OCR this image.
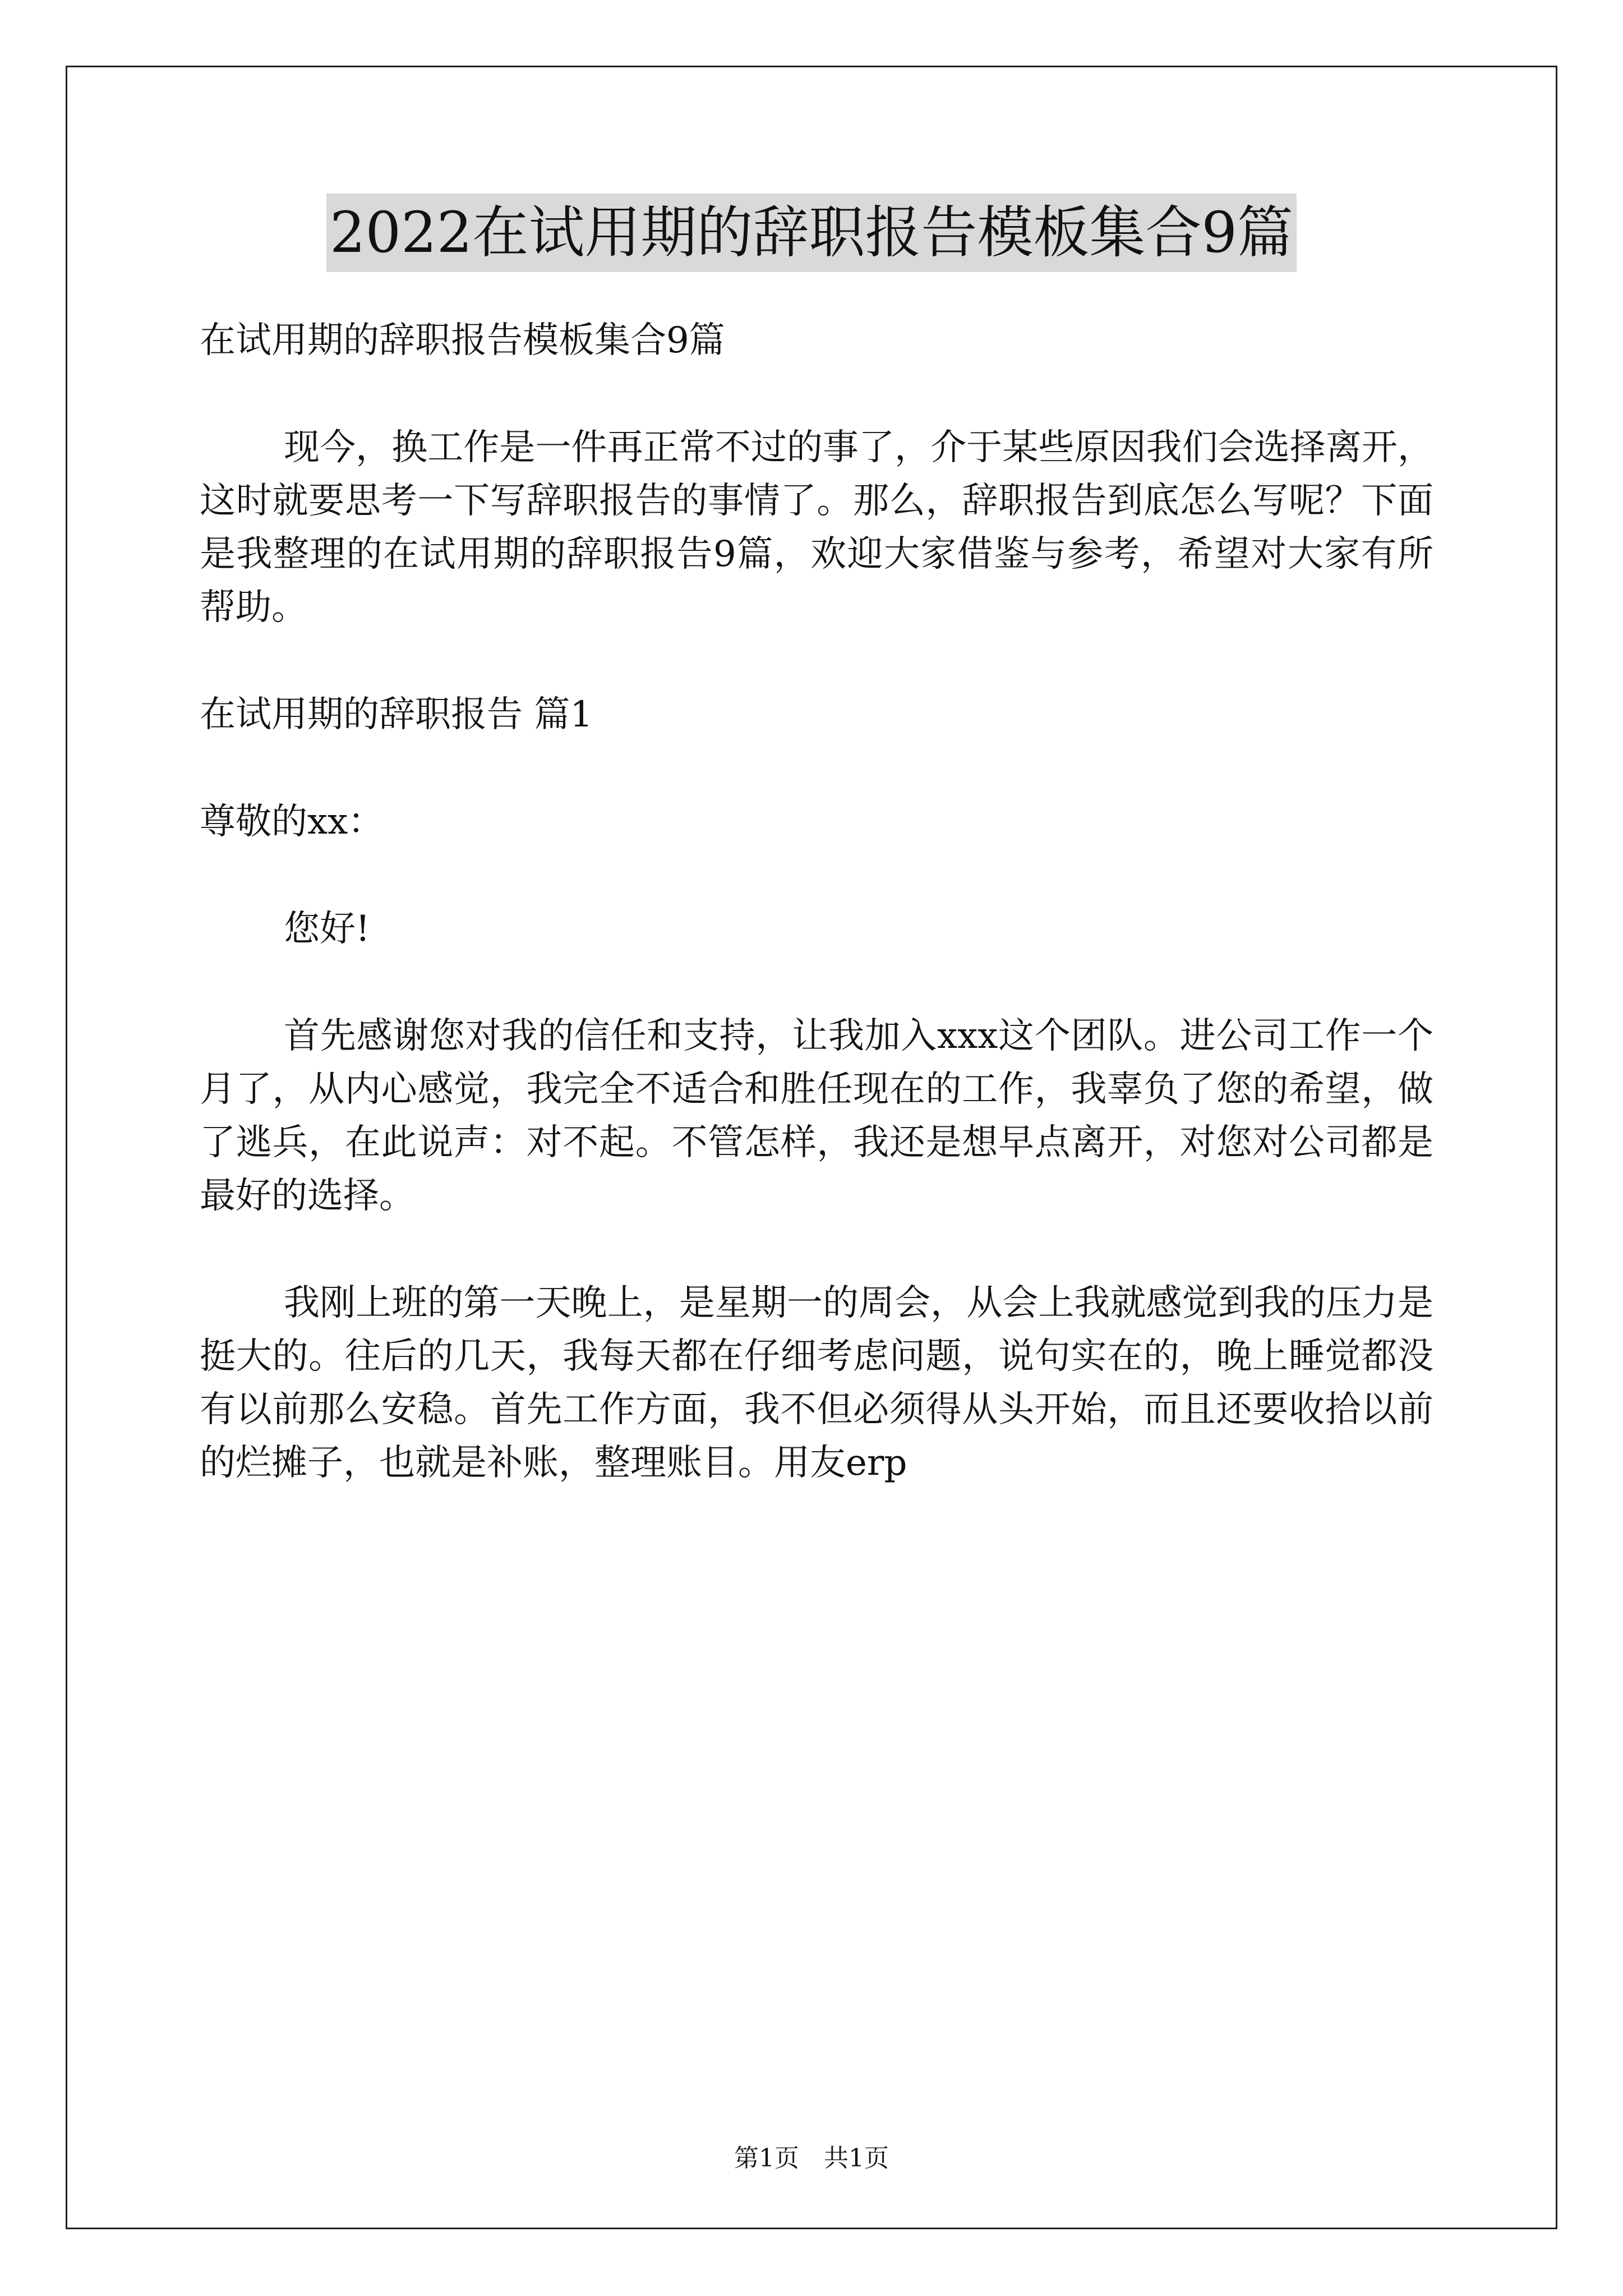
2022在试用期的辞职报告模板集合9篇

在试用期的辞职报告模板集合9篇

现今，换工作是一件再正常不过的事了，介于某些原因我们会选择离开，这时就要思考一下写辞职报告的事情了。那么，辞职报告到底怎么写呢？下面是我整理的在试用期的辞职报告9篇，欢迎大家借鉴与参考，希望对大家有所帮助。

在试用期的辞职报告 篇1

尊敬的xx：

您好!

首先感谢您对我的信任和支持，让我加入xxx这个团队。进公司工作一个月了，从内心感觉，我完全不适合和胜任现在的工作，我辜负了您的希望，做了逃兵，在此说声：对不起。不管怎样，我还是想早点离开，对您对公司都是最好的选择。

我刚上班的第一天晚上，是星期一的周会，从会上我就感觉到我的压力是挺大的。往后的几天，我每天都在仔细考虑问题，说句实在的，晚上睡觉都没有以前那么安稳。首先工作方面，我不但必须得从头开始，而且还要收拾以前的烂摊子，也就是补账，整理账目。用友erp

第1页　共1页
